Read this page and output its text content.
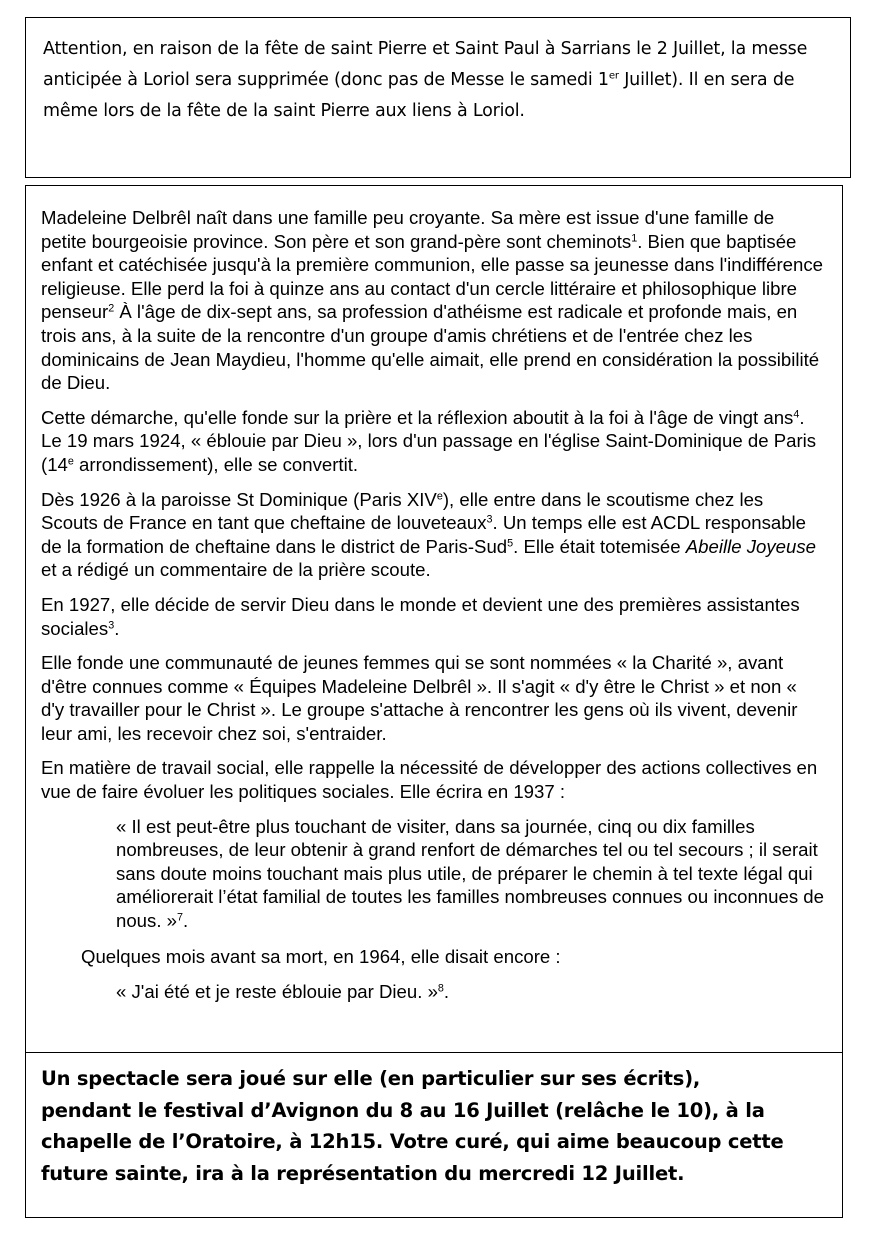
Attention, en raison de la fête de saint Pierre et Saint Paul à Sarrians le 2 Juillet, la messe anticipée à Loriol sera supprimée (donc pas de Messe le samedi 1er Juillet). Il en sera de même lors de la fête de la saint Pierre aux liens à Loriol.

Madeleine Delbrêl naît dans une famille peu croyante. Sa mère est issue d'une famille de petite bourgeoisie province. Son père et son grand-père sont cheminots$^1$. Bien que baptisée enfant et catéchisée jusqu'à la première communion, elle passe sa jeunesse dans l'indifférence religieuse. Elle perd la foi à quinze ans au contact d'un cercle littéraire et philosophique libre penseur$^2$ À l'âge de dix-sept ans, sa profession d'athéisme est radicale et profonde mais, en trois ans, à la suite de la rencontre d'un groupe d'amis chrétiens et de l'entrée chez les dominicains de Jean Maydieu, l'homme qu'elle aimait, elle prend en considération la possibilité de Dieu.

Cette démarche, qu'elle fonde sur la prière et la réflexion aboutit à la foi à l'âge de vingt ans$^4$. Le 19 mars 1924, « éblouie par Dieu », lors d'un passage en l'église Saint-Dominique de Paris (14e arrondissement), elle se convertit.

Dès 1926 à la paroisse St Dominique (Paris XIVe), elle entre dans le scoutisme chez les Scouts de France en tant que cheftaine de louveteaux$^3$. Un temps elle est ACDL responsable de la formation de cheftaine dans le district de Paris-Sud$^5$. Elle était totemisée Abeille Joyeuse et a rédigé un commentaire de la prière scoute.

En 1927, elle décide de servir Dieu dans le monde et devient une des premières assistantes sociales$^3$.

Elle fonde une communauté de jeunes femmes qui se sont nommées « la Charité », avant d'être connues comme « Équipes Madeleine Delbrêl ». Il s'agit « d'y être le Christ » et non « d'y travailler pour le Christ ». Le groupe s'attache à rencontrer les gens où ils vivent, devenir leur ami, les recevoir chez soi, s'entraider.

En matière de travail social, elle rappelle la nécessité de développer des actions collectives en vue de faire évoluer les politiques sociales. Elle écrira en 1937 :

« Il est peut-être plus touchant de visiter, dans sa journée, cinq ou dix familles nombreuses, de leur obtenir à grand renfort de démarches tel ou tel secours ; il serait sans doute moins touchant mais plus utile, de préparer le chemin à tel texte légal qui améliorerait l’état familial de toutes les familles nombreuses connues ou inconnues de nous. »$^7$.

Quelques mois avant sa mort, en 1964, elle disait encore :

« J'ai été et je reste éblouie par Dieu. »$^8$.

Un spectacle sera joué sur elle (en particulier sur ses écrits),

pendant le festival d’Avignon du 8 au 16 Juillet (relâche le 10), à la

chapelle de l’Oratoire, à 12h15. Votre curé, qui aime beaucoup cette

future sainte, ira à la représentation du mercredi 12 Juillet.
